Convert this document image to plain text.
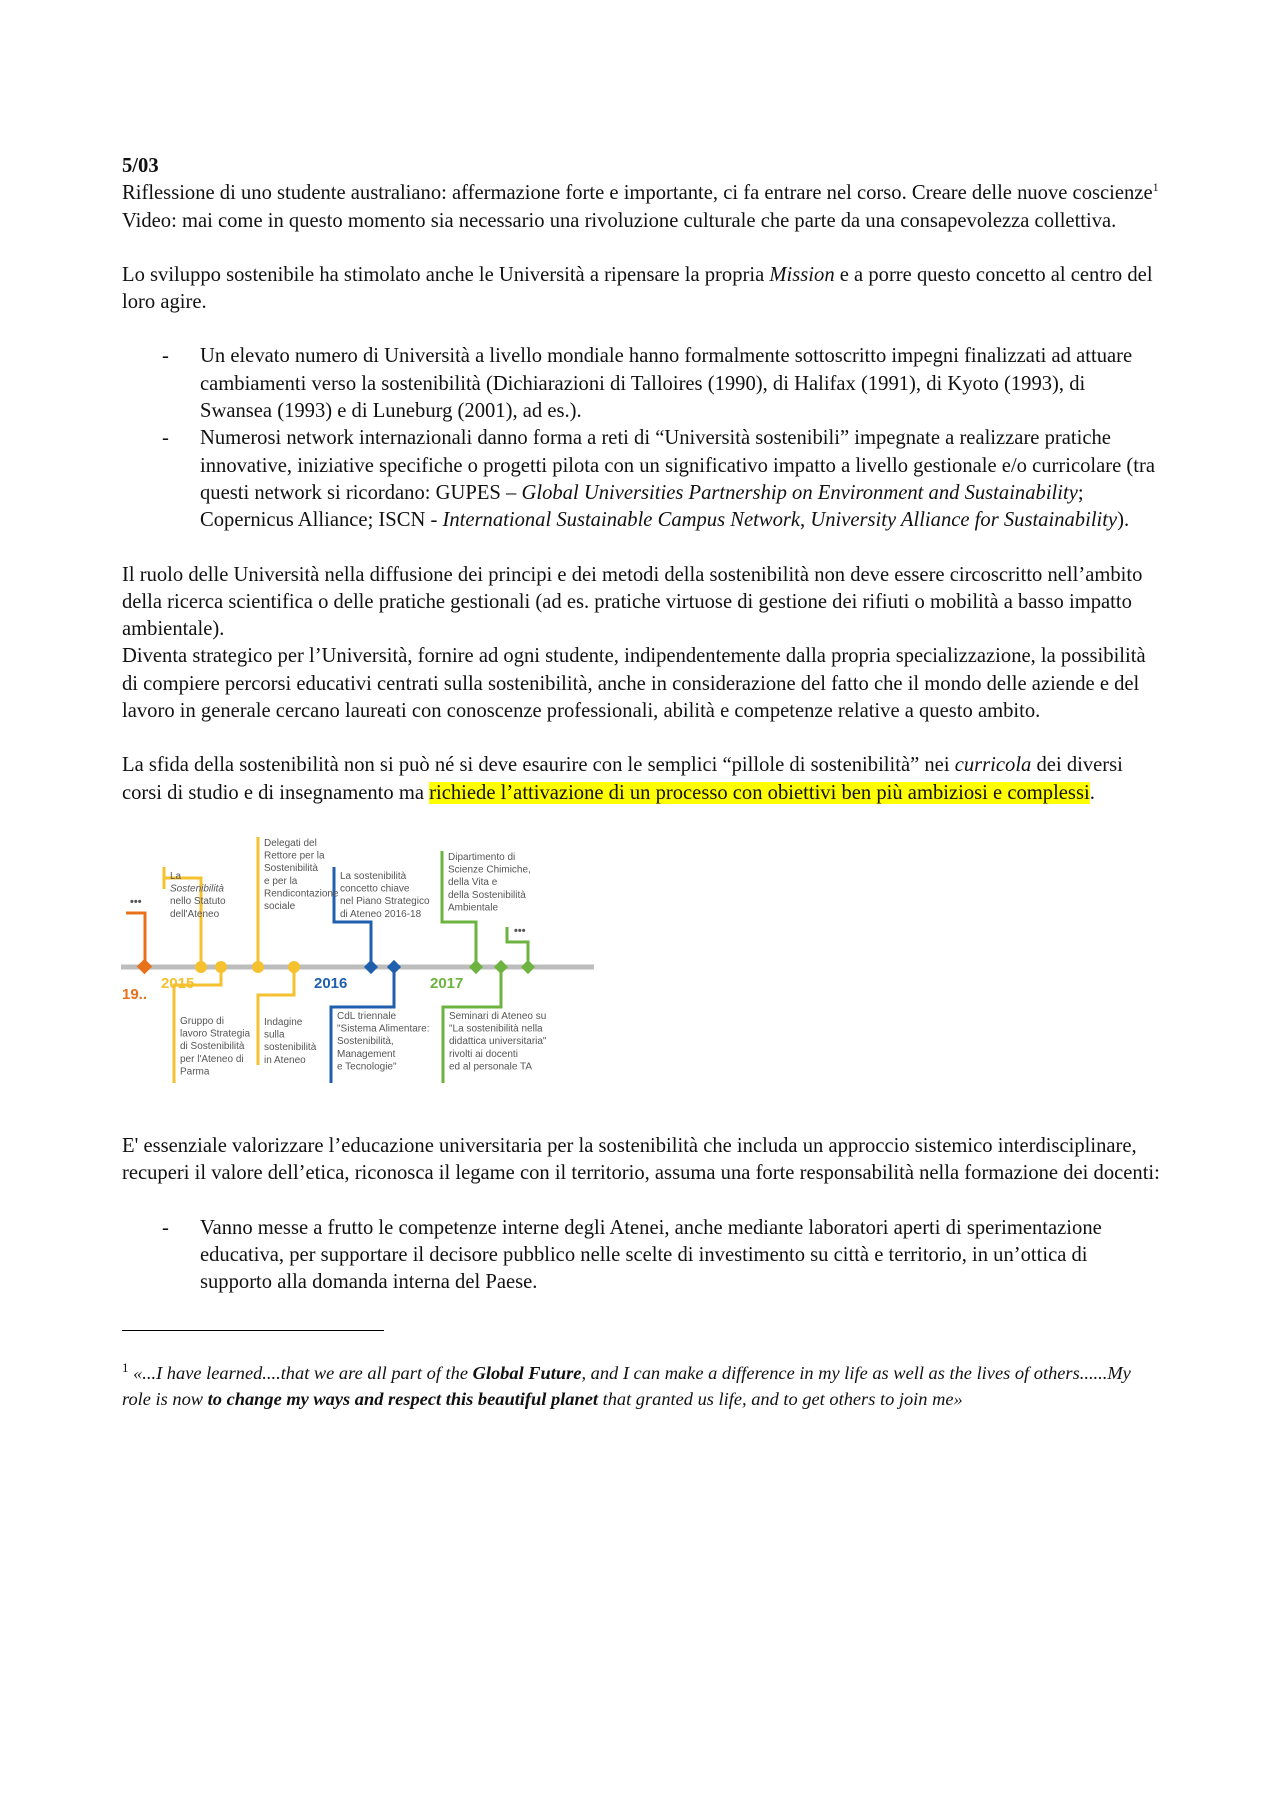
5/03

Riflessione di uno studente australiano: affermazione forte e importante, ci fa entrare nel corso. Creare delle nuove coscienze$^1$

Video: mai come in questo momento sia necessario una rivoluzione culturale che parte da una consapevolezza collettiva.

Lo sviluppo sostenibile ha stimolato anche le Università a ripensare la propria Mission e a porre questo concetto al centro del loro agire.

- Un elevato numero di Università a livello mondiale hanno formalmente sottoscritto impegni finalizzati ad attuare cambiamenti verso la sostenibilità (Dichiarazioni di Talloires (1990), di Halifax (1991), di Kyoto (1993), di Swansea (1993) e di Luneburg (2001), ad es.).
- Numerosi network internazionali danno forma a reti di “Università sostenibili” impegnate a realizzare pratiche innovative, iniziative specifiche o progetti pilota con un significativo impatto a livello gestionale e/o curricolare (tra questi network si ricordano: GUPES – Global Universities Partnership on Environment and Sustainability; Copernicus Alliance; ISCN - International Sustainable Campus Network, University Alliance for Sustainability).

Il ruolo delle Università nella diffusione dei principi e dei metodi della sostenibilità non deve essere circoscritto nell’ambito della ricerca scientifica o delle pratiche gestionali (ad es. pratiche virtuose di gestione dei rifiuti o mobilità a basso impatto ambientale).

Diventa strategico per l’Università, fornire ad ogni studente, indipendentemente dalla propria specializzazione, la possibilità di compiere percorsi educativi centrati sulla sostenibilità, anche in considerazione del fatto che il mondo delle aziende e del lavoro in generale cercano laureati con conoscenze professionali, abilità e competenze relative a questo ambito.

La sfida della sostenibilità non si può né si deve esaurire con le semplici “pillole di sostenibilità” nei curricola dei diversi corsi di studio e di insegnamento ma richiede l’attivazione di un processo con obiettivi ben più ambiziosi e complessi.

•••
19..
2015	2016
•••
2017
La
Sostenibilità
nello Statuto
dell'Ateneo
Delegati del
Rettore per la
Sostenibilità
e per la
Rendicontazione
sociale
La sostenibilità
concetto chiave
nel Piano Strategico
di Ateneo 2016-18
Dipartimento di
Scienze Chimiche,
della Vita e
della Sostenibilità
Ambientale
Gruppo di
lavoro Strategia
di Sostenibilità
per l'Ateneo di
Parma
Indagine
sulla
sostenibilità
in Ateneo
CdL triennale
"Sistema Alimentare:
Sostenibilità,
Management
e Tecnologie"
Seminari di Ateneo su
"La sostenibilità nella
didattica universitaria"
rivolti ai docenti
ed al personale TA

E' essenziale valorizzare l’educazione universitaria per la sostenibilità che includa un approccio sistemico interdisciplinare, recuperi il valore dell’etica, riconosca il legame con il territorio, assuma una forte responsabilità nella formazione dei docenti:

- Vanno messe a frutto le competenze interne degli Atenei, anche mediante laboratori aperti di sperimentazione educativa, per supportare il decisore pubblico nelle scelte di investimento su città e territorio, in un’ottica di supporto alla domanda interna del Paese.

$^1$ «...I have learned....that we are all part of the Global Future, and I can make a difference in my life as well as the lives of others......My role is now to change my ways and respect this beautiful planet that granted us life, and to get others to join me»
